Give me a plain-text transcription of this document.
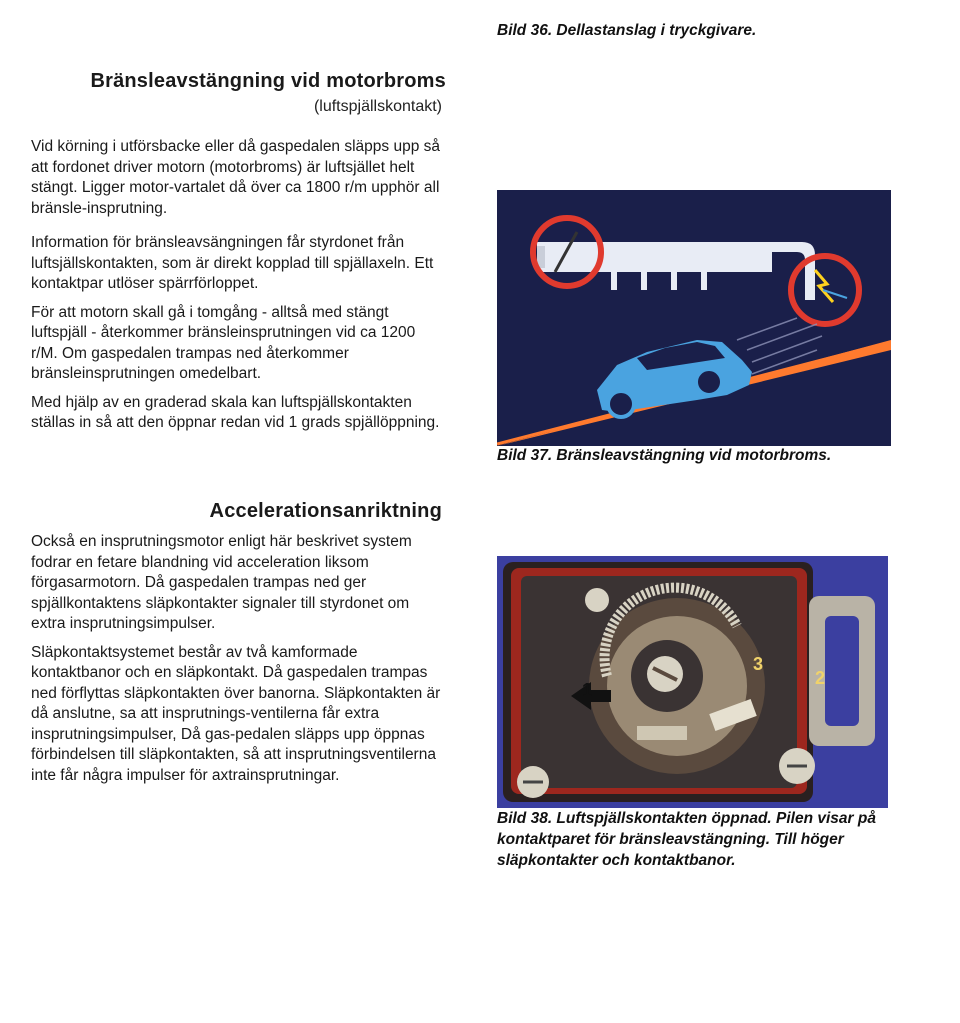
Bild 36. Dellastanslag i tryckgivare.
Bränsleavstängning vid motorbroms
(luftspjällskontakt)

Vid körning i utförsbacke eller då gaspedalen släpps upp så att fordonet driver motorn (motorbroms) är luftsjället helt stängt. Ligger motor-vartalet då över ca 1800 r/m upphör all bränsle-insprutning.

Information för bränsleavsängningen får styrdonet från luftsjällskontakten, som är direkt kopplad till spjällaxeln. Ett kontaktpar utlöser spärrförloppet.

För att motorn skall gå i tomgång - alltså med stängt luftspjäll - återkommer bränsleinsprutningen vid ca 1200 r/M. Om gaspedalen trampas ned återkommer bränsleinsprutningen omedelbart.

Med hjälp av en graderad skala kan luftspjällskontakten ställas in så att den öppnar redan vid 1 grads spjällöppning.

Accelerationsanriktning

Också en insprutningsmotor enligt här beskrivet system fodrar en fetare blandning vid acceleration liksom förgasarmotorn. Då gaspedalen trampas ned ger spjällkontaktens släpkontakter signaler till styrdonet om extra insprutningsimpulser.

Släpkontaktsystemet består av två kamformade kontaktbanor och en släpkontakt. Då gaspedalen trampas ned förflyttas släpkontakten över banorna. Släpkontakten är då anslutne, sa att insprutnings-ventilerna får extra insprutningsimpulser, Då gas-pedalen släpps upp öppnas förbindelsen till släpkontakten, så att insprutningsventilerna inte får några impulser för axtrainsprutningar.

Bild 37. Bränsleavstängning vid motorbroms.
1
3
2
Bild 38. Luftspjällskontakten öppnad. Pilen visar på kontaktparet för bränsleavstängning. Till höger släpkontakter och kontaktbanor.
